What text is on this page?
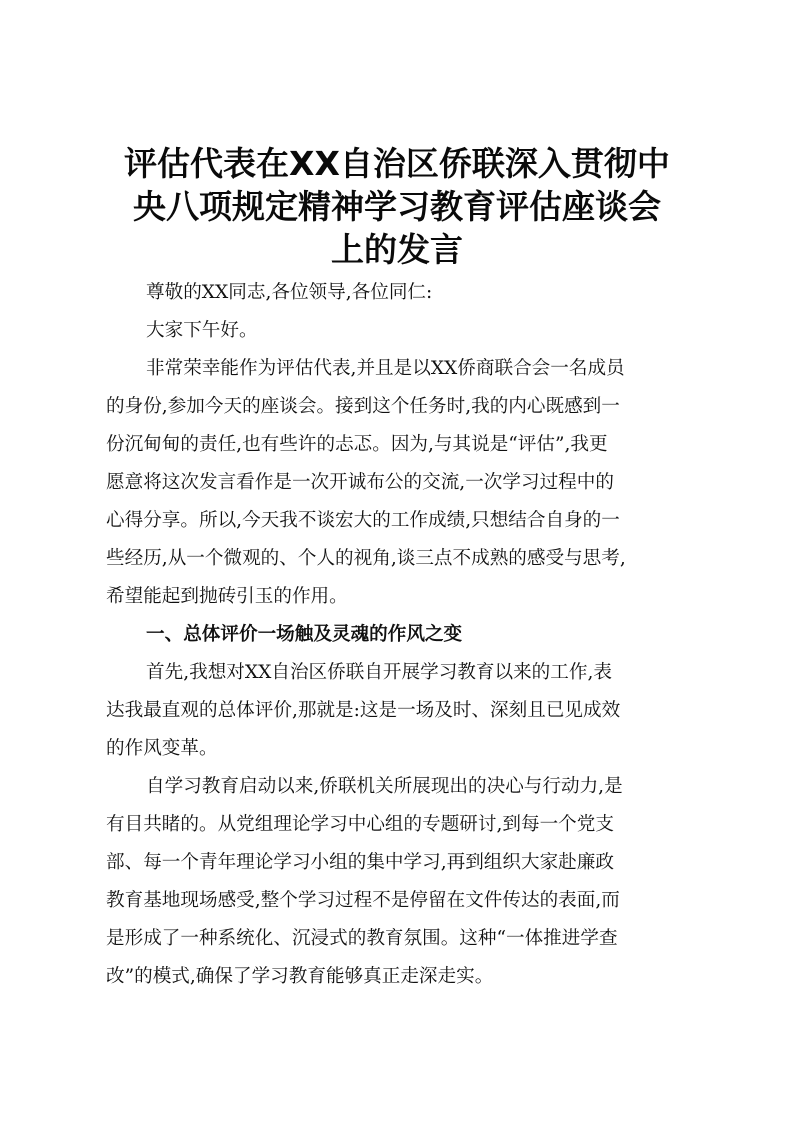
评估代表在XX自治区侨联深入贯彻中
央八项规定精神学习教育评估座谈会
上的发言

尊敬的XX同志,各位领导,各位同仁:

大家下午好。

非常荣幸能作为评估代表,并且是以XX侨商联合会一名成员
的身份,参加今天的座谈会。接到这个任务时,我的内心既感到一
份沉甸甸的责任,也有些许的忐忑。因为,与其说是“评估”,我更
愿意将这次发言看作是一次开诚布公的交流,一次学习过程中的
心得分享。所以,今天我不谈宏大的工作成绩,只想结合自身的一
些经历,从一个微观的、个人的视角,谈三点不成熟的感受与思考,
希望能起到抛砖引玉的作用。

一、总体评价一场触及灵魂的作风之变

首先,我想对XX自治区侨联自开展学习教育以来的工作,表
达我最直观的总体评价,那就是:这是一场及时、深刻且已见成效
的作风变革。

自学习教育启动以来,侨联机关所展现出的决心与行动力,是
有目共睹的。从党组理论学习中心组的专题研讨,到每一个党支
部、每一个青年理论学习小组的集中学习,再到组织大家赴廉政
教育基地现场感受,整个学习过程不是停留在文件传达的表面,而
是形成了一种系统化、沉浸式的教育氛围。这种“一体推进学查
改”的模式,确保了学习教育能够真正走深走实。
